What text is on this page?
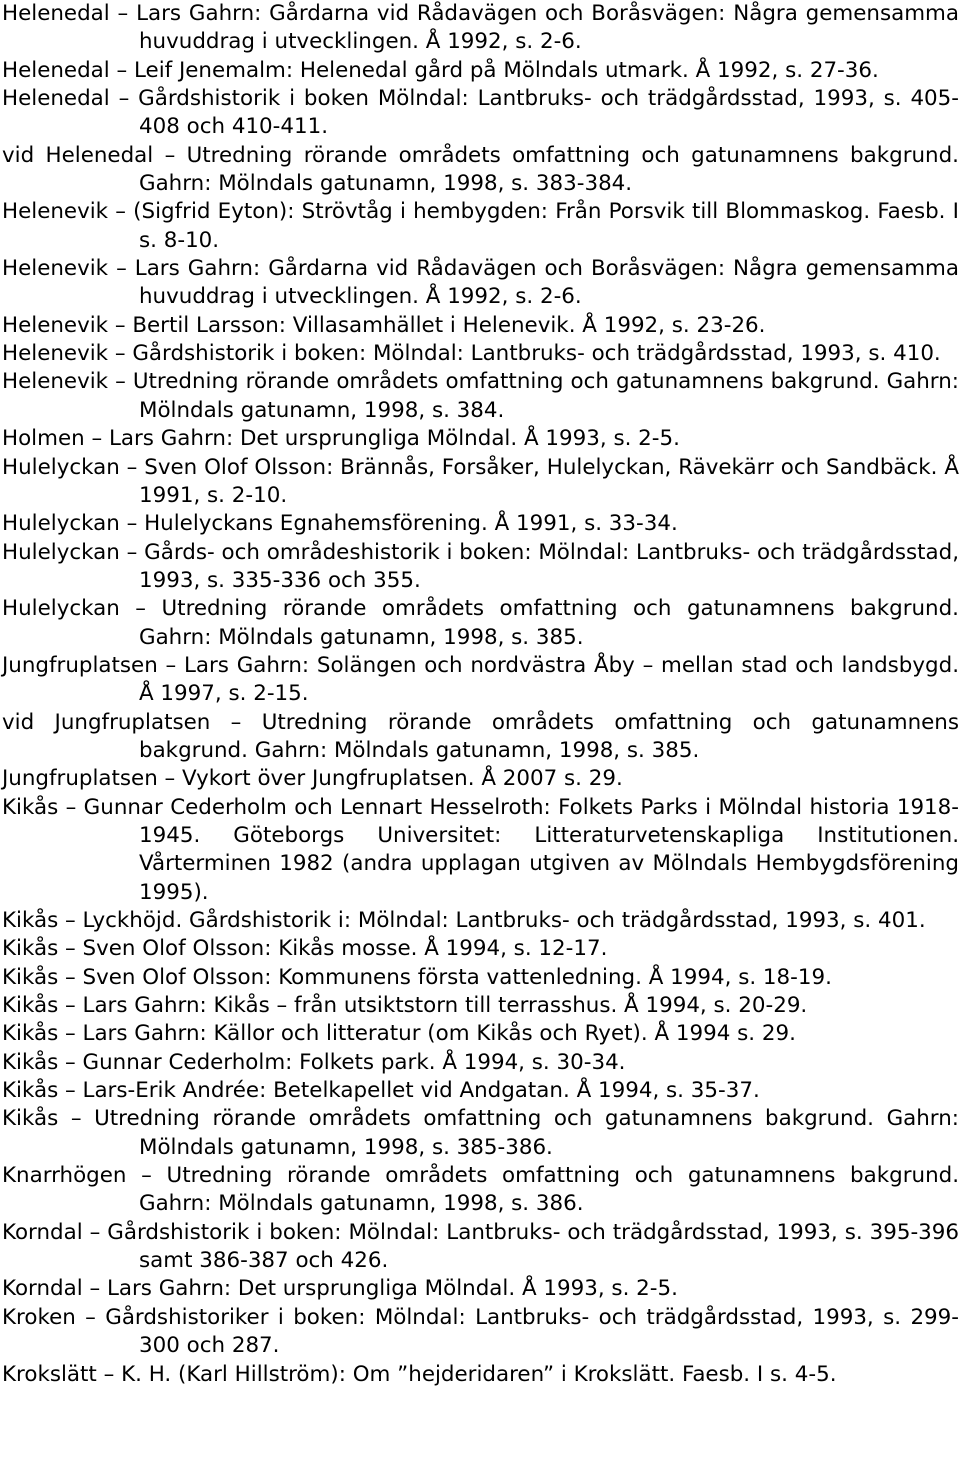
Helenedal – Lars Gahrn: Gårdarna vid Rådavägen och Boråsvägen: Några gemensamma huvuddrag i utvecklingen. Å 1992, s. 2-6.

Helenedal – Leif Jenemalm: Helenedal gård på Mölndals utmark. Å 1992, s. 27-36.

Helenedal – Gårdshistorik i boken Mölndal: Lantbruks- och trädgårdsstad, 1993, s. 405-408 och 410-411.

vid Helenedal – Utredning rörande områdets omfattning och gatunamnens bakgrund. Gahrn: Mölndals gatunamn, 1998, s. 383-384.

Helenevik – (Sigfrid Eyton): Strövtåg i hembygden: Från Porsvik till Blommaskog. Faesb. I s. 8-10.

Helenevik – Lars Gahrn: Gårdarna vid Rådavägen och Boråsvägen: Några gemensamma huvuddrag i utvecklingen. Å 1992, s. 2-6.

Helenevik – Bertil Larsson: Villasamhället i Helenevik. Å 1992, s. 23-26.

Helenevik – Gårdshistorik i boken: Mölndal: Lantbruks- och trädgårdsstad, 1993, s. 410.

Helenevik – Utredning rörande områdets omfattning och gatunamnens bakgrund. Gahrn: Mölndals gatunamn, 1998, s. 384.

Holmen – Lars Gahrn: Det ursprungliga Mölndal. Å 1993, s. 2-5.

Hulelyckan – Sven Olof Olsson: Brännås, Forsåker, Hulelyckan, Rävekärr och Sandbäck. Å 1991, s. 2-10.

Hulelyckan – Hulelyckans Egnahemsförening. Å 1991, s. 33-34.

Hulelyckan – Gårds- och områdeshistorik i boken: Mölndal: Lantbruks- och trädgårdsstad, 1993, s. 335-336 och 355.

Hulelyckan – Utredning rörande områdets omfattning och gatunamnens bakgrund. Gahrn: Mölndals gatunamn, 1998, s. 385.

Jungfruplatsen – Lars Gahrn: Solängen och nordvästra Åby – mellan stad och landsbygd. Å 1997, s. 2-15.

vid Jungfruplatsen – Utredning rörande områdets omfattning och gatunamnens bakgrund. Gahrn: Mölndals gatunamn, 1998, s. 385.

Jungfruplatsen – Vykort över Jungfruplatsen. Å 2007 s. 29.

Kikås – Gunnar Cederholm och Lennart Hesselroth: Folkets Parks i Mölndal historia 1918-1945. Göteborgs Universitet: Litteraturvetenskapliga Institutionen. Vårterminen 1982 (andra upplagan utgiven av Mölndals Hembygdsförening 1995).

Kikås – Lyckhöjd. Gårdshistorik i: Mölndal: Lantbruks- och trädgårdsstad, 1993, s. 401.

Kikås – Sven Olof Olsson: Kikås mosse. Å 1994, s. 12-17.

Kikås – Sven Olof Olsson: Kommunens första vattenledning. Å 1994, s. 18-19.

Kikås – Lars Gahrn: Kikås – från utsiktstorn till terrasshus. Å 1994, s. 20-29.

Kikås – Lars Gahrn: Källor och litteratur (om Kikås och Ryet). Å 1994 s. 29.

Kikås – Gunnar Cederholm: Folkets park. Å 1994, s. 30-34.

Kikås – Lars-Erik Andrée: Betelkapellet vid Andgatan. Å 1994, s. 35-37.

Kikås – Utredning rörande områdets omfattning och gatunamnens bakgrund. Gahrn: Mölndals gatunamn, 1998, s. 385-386.

Knarrhögen – Utredning rörande områdets omfattning och gatunamnens bakgrund. Gahrn: Mölndals gatunamn, 1998, s. 386.

Korndal – Gårdshistorik i boken: Mölndal: Lantbruks- och trädgårdsstad, 1993, s. 395-396 samt 386-387 och 426.

Korndal – Lars Gahrn: Det ursprungliga Mölndal. Å 1993, s. 2-5.

Kroken – Gårdshistoriker i boken: Mölndal: Lantbruks- och trädgårdsstad, 1993, s. 299-300 och 287.

Krokslätt – K. H. (Karl Hillström): Om ”hejderidaren” i Krokslätt. Faesb. I s. 4-5.
